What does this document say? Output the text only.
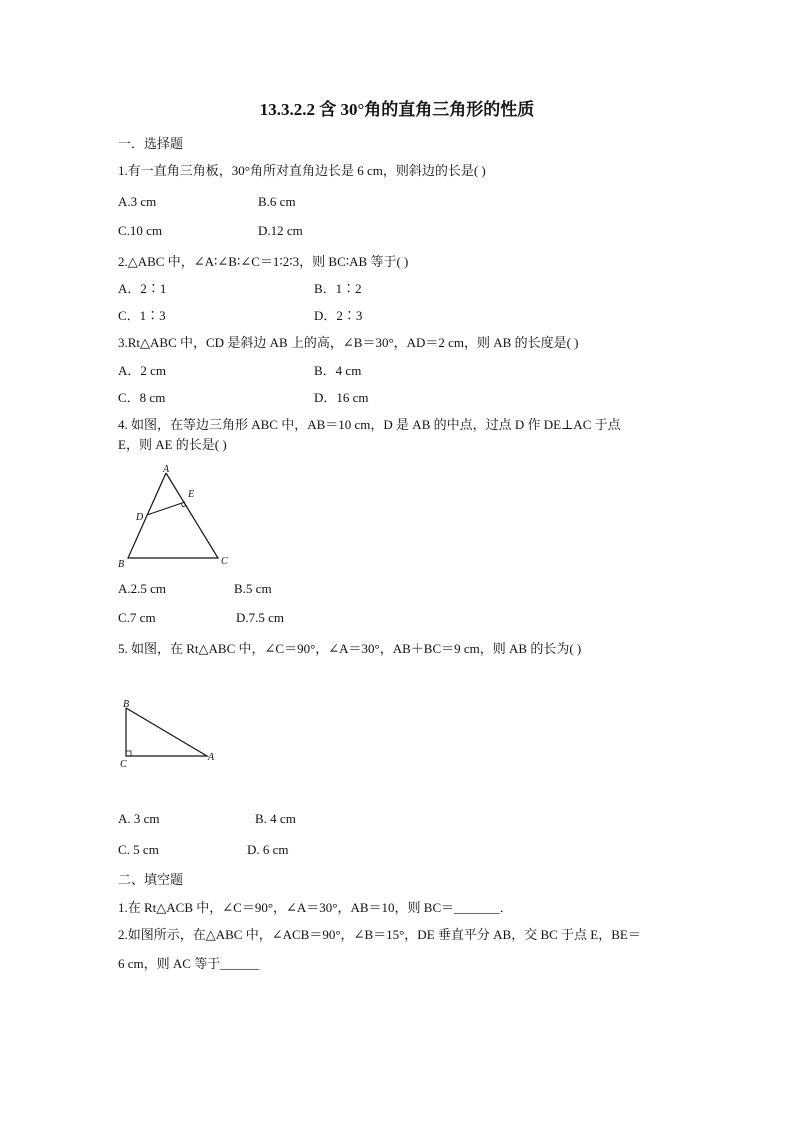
13.3.2.2 含 30°角的直角三角形的性质
一．选择题
1.有一直角三角板，30°角所对直角边长是 6 cm，则斜边的长是( )
A.3 cm	B.6 cm
C.10 cm	D.12 cm
2.△ABC 中，∠A∶∠B∶∠C＝1∶2∶3，则 BC∶AB 等于( )
A．2∶1	B．1∶2
C．1∶3	D．2∶3
3.Rt△ABC 中，CD 是斜边 AB 上的高，∠B＝30°，AD＝2 cm，则 AB 的长度是( )
A．2 cm	B．4 cm
C．8 cm	D．16 cm
4. 如图，在等边三角形 ABC 中，AB＝10 cm，D 是 AB 的中点，过点 D 作 DE⊥AC 于点
E，则 AE 的长是( )
A
B	C
D
E
A.2.5 cm	B.5 cm
C.7 cm	D.7.5 cm
5. 如图，在 Rt△ABC 中，∠C＝90°，∠A＝30°，AB＋BC＝9 cm，则 AB 的长为( )
B
C
A
A. 3 cm	B. 4 cm
C. 5 cm	D. 6 cm
二、填空题
1.在 Rt△ACB 中，∠C＝90°，∠A＝30°，AB＝10，则 BC＝_______．
2.如图所示，在△ABC 中，∠ACB＝90°，∠B＝15°，DE 垂直平分 AB，交 BC 于点 E，BE＝
6 cm，则 AC 等于______
